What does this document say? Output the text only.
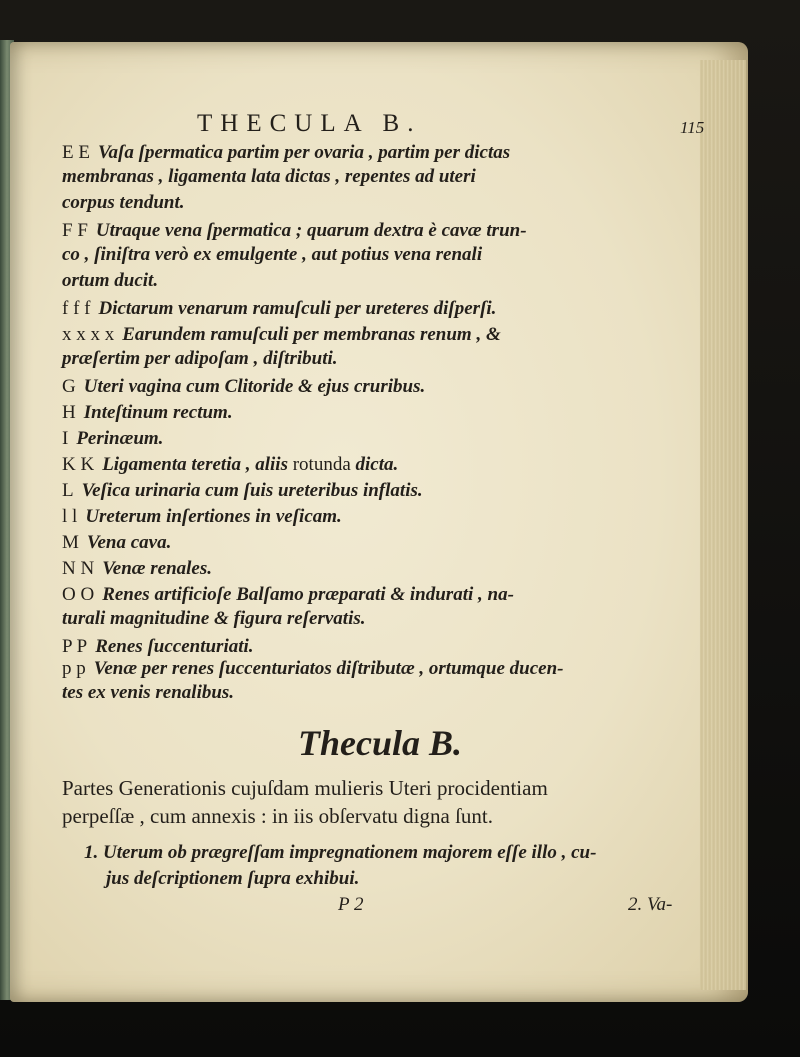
THECULA B.	115
E E Vaſa ſpermatica partim per ovaria , partim per dictas
membranas , ligamenta lata dictas , repentes ad uteri
corpus tendunt.
F F Utraque vena ſpermatica ; quarum dextra è cavæ trun-
co , ſiniſtra verò ex emulgente , aut potius vena renali
ortum ducit.
f f f Dictarum venarum ramuſculi per ureteres diſperſi.
x x x x Earundem ramuſculi per membranas renum , &
præſertim per adipoſam , diſtributi.
G Uteri vagina cum Clitoride & ejus cruribus.
H Inteſtinum rectum.
I Perinæum.
K K Ligamenta teretia , aliis rotunda dicta.
L Veſica urinaria cum ſuis ureteribus inflatis.
l l Ureterum inſertiones in veſicam.
M Vena cava.
N N Venæ renales.
O O Renes artificioſe Balſamo præparati & indurati , na-
turali magnitudine & figura reſervatis.
P P Renes ſuccenturiati.
p p Venæ per renes ſuccenturiatos diſtributæ , ortumque ducen-
tes ex venis renalibus.
Thecula B.
Partes Generationis cujuſdam mulieris Uteri procidentiam
perpeſſæ , cum annexis : in iis obſervatu digna ſunt.
1. Uterum ob prægreſſam impregnationem majorem eſſe illo , cu-
jus deſcriptionem ſupra exhibui.
P 2	2. Va-
